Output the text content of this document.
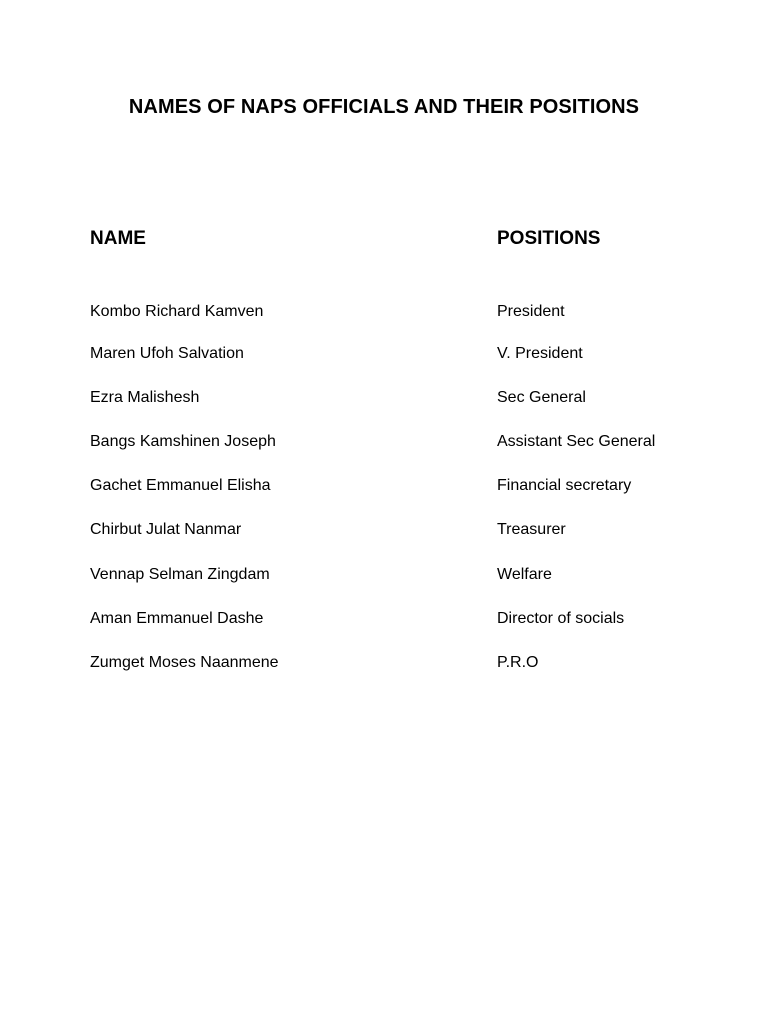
NAMES OF NAPS OFFICIALS AND THEIR POSITIONS
NAME	POSITIONS
Kombo Richard Kamven	President
Maren Ufoh Salvation	V. President
Ezra Malishesh	Sec General
Bangs Kamshinen Joseph	Assistant Sec General
Gachet Emmanuel Elisha	Financial secretary
Chirbut Julat Nanmar	Treasurer
Vennap Selman Zingdam	Welfare
Aman Emmanuel Dashe	Director of socials
Zumget Moses Naanmene	P.R.O
